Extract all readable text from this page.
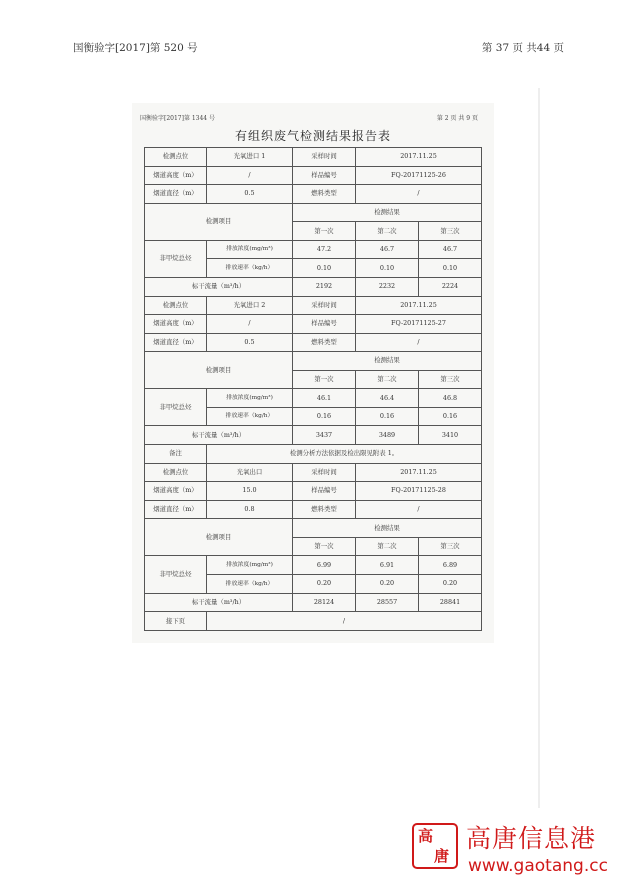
国衡验字[2017]第 520 号	第 37 页 共44 页
国衡验字[2017]第 1344 号	第 2 页 共 9 页
有组织废气检测结果报告表
检测点位	光氧进口 1	采样时间	2017.11.25	
烟道高度（m）	/	样品编号	FQ-20171125-26	
烟道直径（m）	0.5	燃料类型	/	
检测项目		检测结果		
		第一次	第二次	第三次
非甲烷总烃	排放浓度(mg/m³)	47.2	46.7	46.7
	排放速率（kg/h）	0.10	0.10	0.10
标干流量（m³/h）		2192	2232	2224
检测点位	光氧进口 2	采样时间	2017.11.25	
烟道高度（m）	/	样品编号	FQ-20171125-27	
烟道直径（m）	0.5	燃料类型	/	
检测项目		检测结果		
		第一次	第二次	第三次
非甲烷总烃	排放浓度(mg/m³)	46.1	46.4	46.8
	排放速率（kg/h）	0.16	0.16	0.16
标干流量（m³/h）		3437	3489	3410
备注	检测分析方法依据及检出限见附表 1。			
检测点位	光氧出口	采样时间	2017.11.25	
烟道高度（m）	15.0	样品编号	FQ-20171125-28	
烟道直径（m）	0.8	燃料类型	/	
检测项目		检测结果		
		第一次	第二次	第三次
非甲烷总烃	排放浓度(mg/m³)	6.99	6.91	6.89
	排放速率（kg/h）	0.20	0.20	0.20
标干流量（m³/h）		28124	28557	28841
接下页	/			
高
唐
高唐信息港
www.gaotang.cc
